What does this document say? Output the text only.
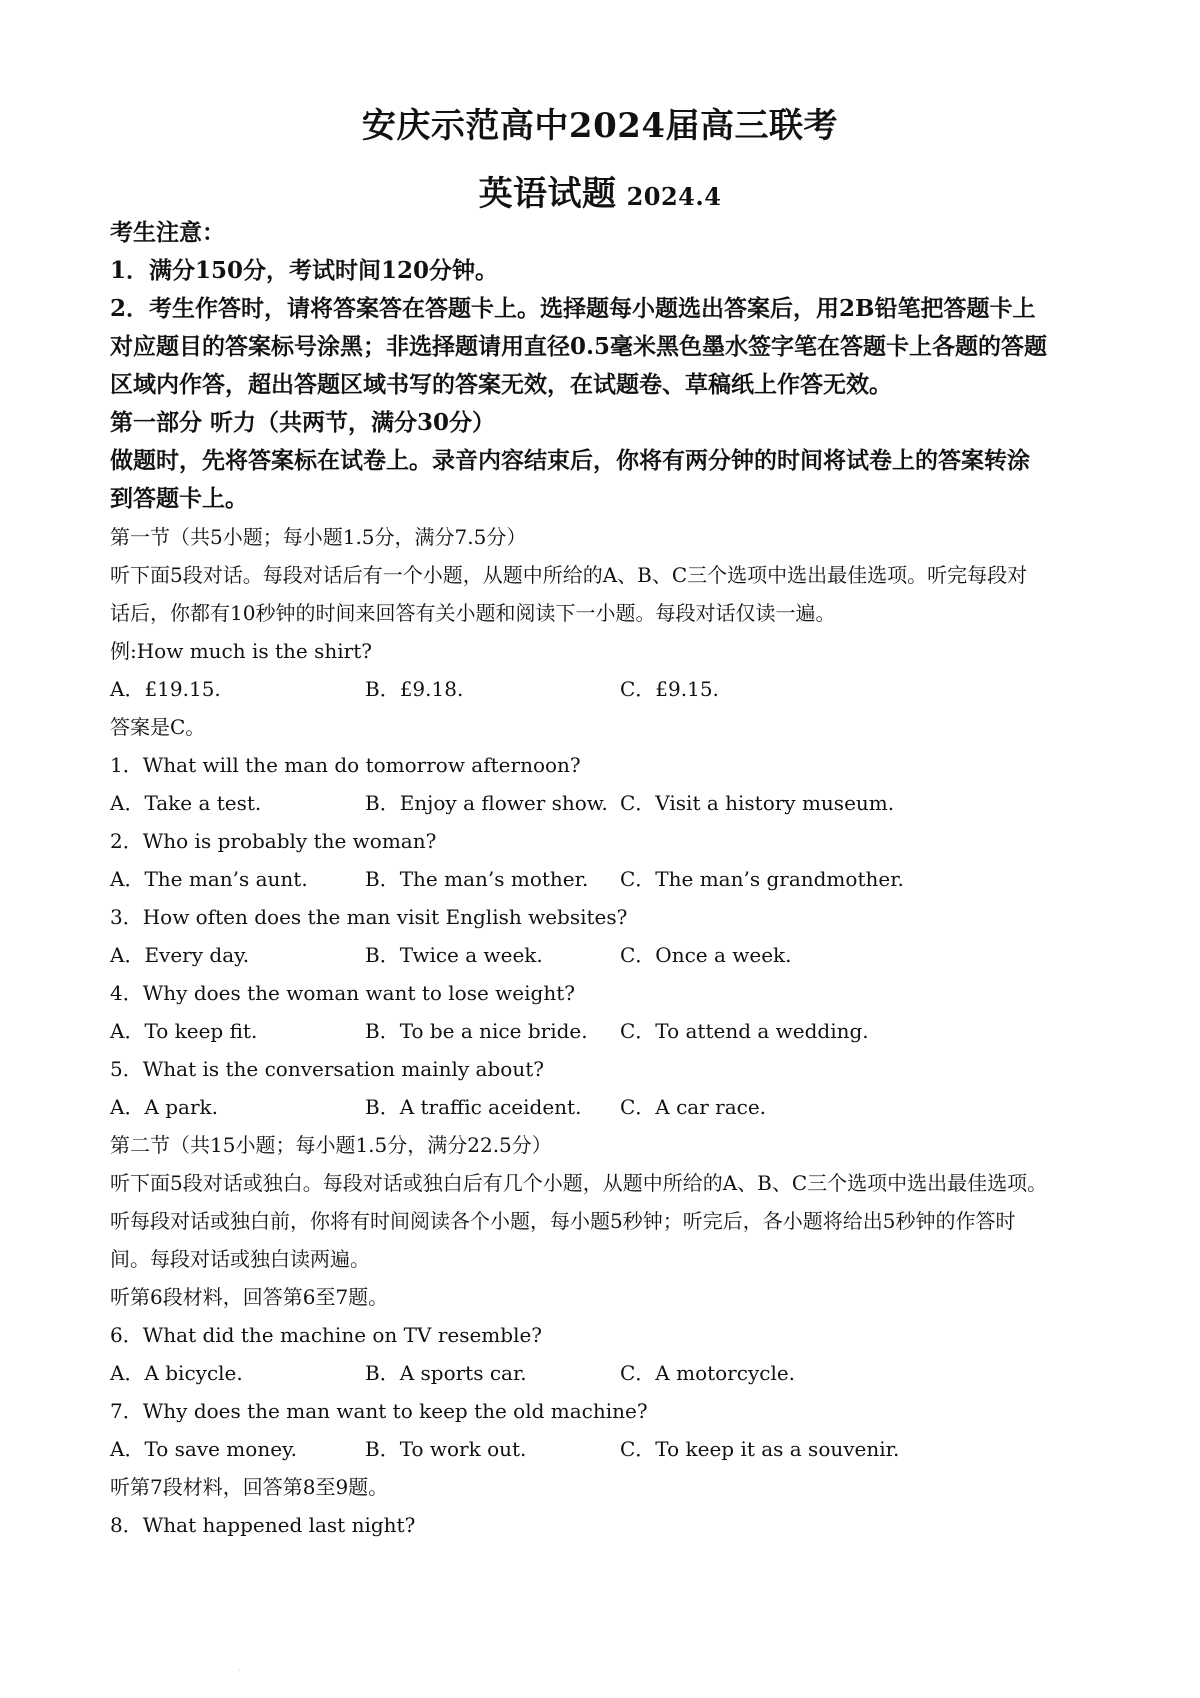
安庆示范高中2024届高三联考
英语试题 2024.4

考生注意：

1．满分150分，考试时间120分钟。

2．考生作答时，请将答案答在答题卡上。选择题每小题选出答案后，用2B铅笔把答题卡上

对应题目的答案标号涂黑；非选择题请用直径0.5毫米黑色墨水签字笔在答题卡上各题的答题

区域内作答，超出答题区域书写的答案无效，在试题卷、草稿纸上作答无效。

第一部分 听力（共两节，满分30分）

做题时，先将答案标在试卷上。录音内容结束后，你将有两分钟的时间将试卷上的答案转涂

到答题卡上。

第一节（共5小题；每小题1.5分，满分7.5分）

听下面5段对话。每段对话后有一个小题，从题中所给的A、B、C三个选项中选出最佳选项。听完每段对

话后，你都有10秒钟的时间来回答有关小题和阅读下一小题。每段对话仅读一遍。

例:How much is the shirt?

A．£19.15.	B．£9.18.	C．£9.15.

答案是C。

1．What will the man do tomorrow afternoon?

A．Take a test.	B．Enjoy a flower show. C．Visit a history museum.

2．Who is probably the woman?

A．The man’s aunt.	B．The man’s mother. C．The man’s grandmother.

3．How often does the man visit English websites?

A．Every day.	B．Twice a week.	C．Once a week.

4．Why does the woman want to lose weight?

A．To keep fit.	B．To be a nice bride. C．To attend a wedding.

5．What is the conversation mainly about?

A．A park.	B．A traffic aceident. C．A car race.

第二节（共15小题；每小题1.5分，满分22.5分）

听下面5段对话或独白。每段对话或独白后有几个小题，从题中所给的A、B、C三个选项中选出最佳选项。

听每段对话或独白前，你将有时间阅读各个小题，每小题5秒钟；听完后，各小题将给出5秒钟的作答时

间。每段对话或独白读两遍。

听第6段材料，回答第6至7题。

6．What did the machine on TV resemble?

A．A bicycle.	B．A sports car.	C．A motorcycle.

7．Why does the man want to keep the old machine?

A．To save money.	B．To work out.	C．To keep it as a souvenir.

听第7段材料，回答第8至9题。

8．What happened last night?

·
